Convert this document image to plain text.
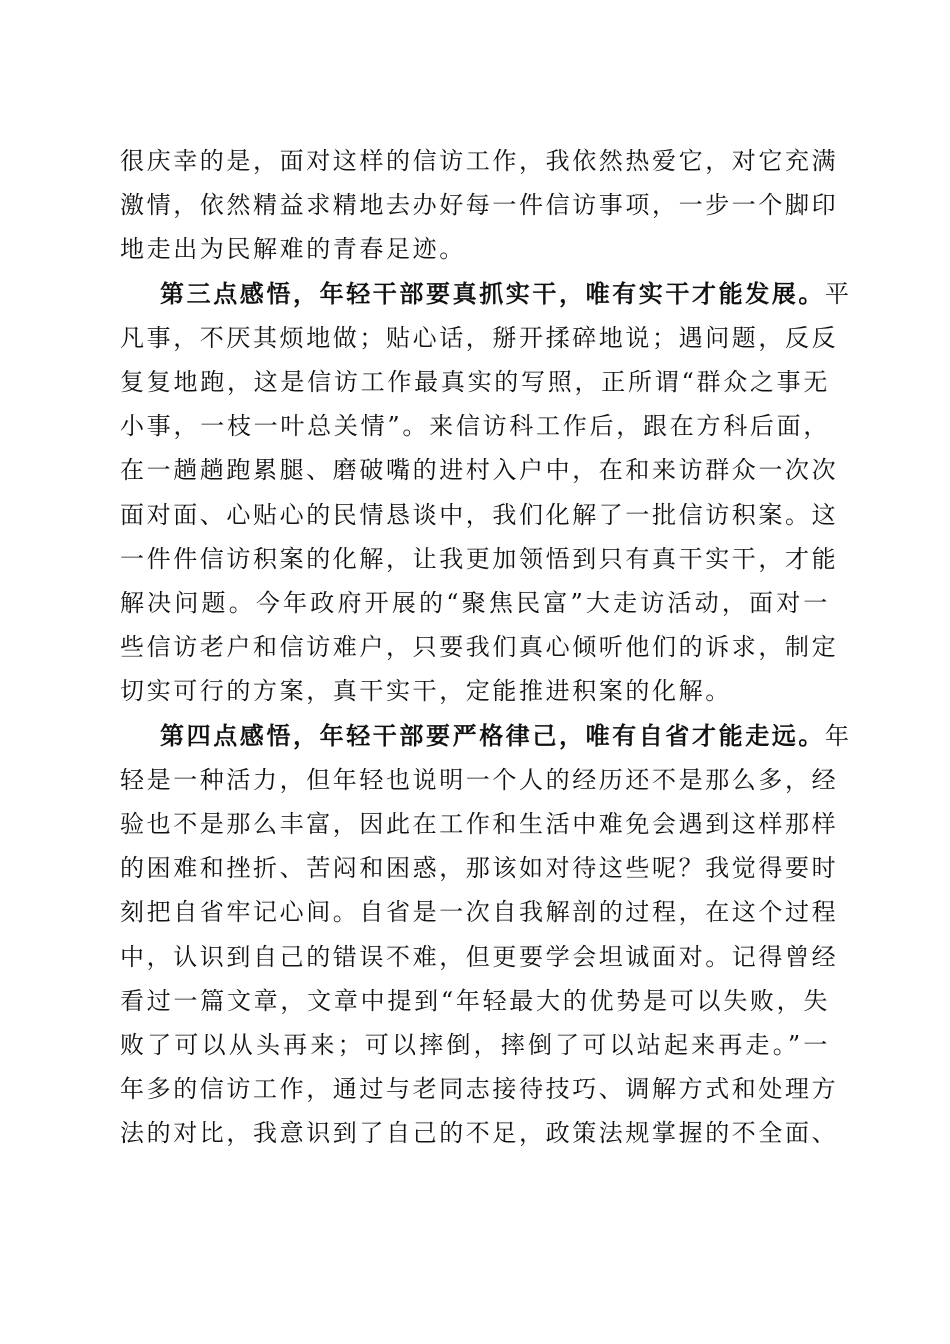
很庆幸的是，面对这样的信访工作，我依然热爱它，对它充满
激情，依然精益求精地去办好每一件信访事项，一步一个脚印
地走出为民解难的青春足迹。
第三点感悟，年轻干部要真抓实干，唯有实干才能发展。平
凡事，不厌其烦地做；贴心话，掰开揉碎地说；遇问题，反反
复复地跑，这是信访工作最真实的写照，正所谓“群众之事无
小事，一枝一叶总关情”。来信访科工作后，跟在方科后面，
在一趟趟跑累腿、磨破嘴的进村入户中，在和来访群众一次次
面对面、心贴心的民情恳谈中，我们化解了一批信访积案。这
一件件信访积案的化解，让我更加领悟到只有真干实干，才能
解决问题。今年政府开展的“聚焦民富”大走访活动，面对一
些信访老户和信访难户，只要我们真心倾听他们的诉求，制定
切实可行的方案，真干实干，定能推进积案的化解。
第四点感悟，年轻干部要严格律己，唯有自省才能走远。年
轻是一种活力，但年轻也说明一个人的经历还不是那么多，经
验也不是那么丰富，因此在工作和生活中难免会遇到这样那样
的困难和挫折、苦闷和困惑，那该如对待这些呢？我觉得要时
刻把自省牢记心间。自省是一次自我解剖的过程，在这个过程
中，认识到自己的错误不难，但更要学会坦诚面对。记得曾经
看过一篇文章，文章中提到“年轻最大的优势是可以失败，失
败了可以从头再来；可以摔倒，摔倒了可以站起来再走。”一
年多的信访工作，通过与老同志接待技巧、调解方式和处理方
法的对比，我意识到了自己的不足，政策法规掌握的不全面、
